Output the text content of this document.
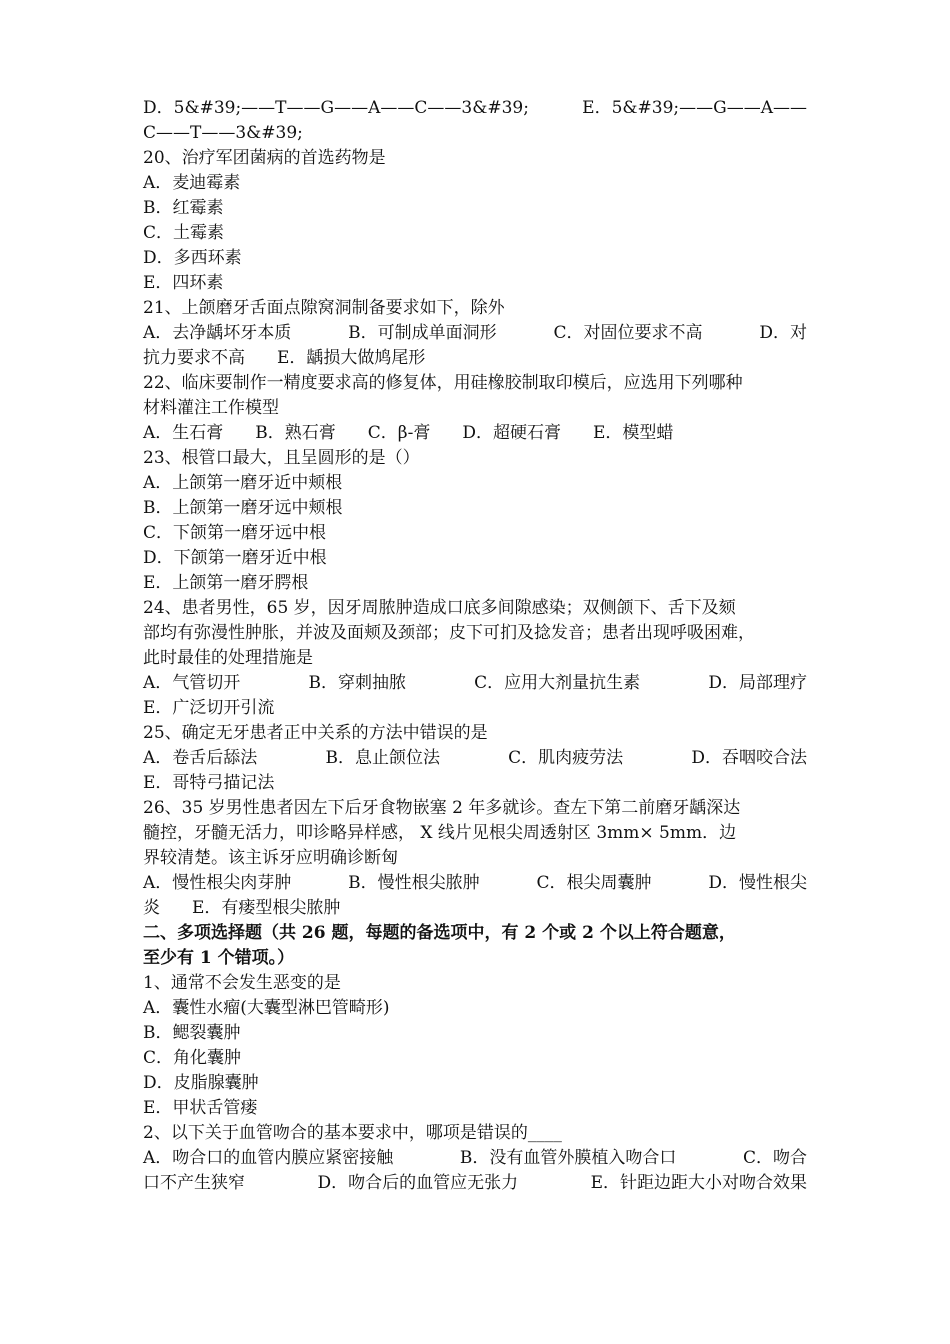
D．5&#39;——T——G——A——C——3&#39;	E．5&#39;——G——A——
C——T——3&#39;
20、治疗军团菌病的首选药物是
A．麦迪霉素
B．红霉素
C．土霉素
D．多西环素
E．四环素
21、上颌磨牙舌面点隙窝洞制备要求如下，除外
A．去净龋坏牙本质	B．可制成单面洞形	C．对固位要求不高	D．对
抗力要求不高 E．龋损大做鸠尾形
22、临床要制作一精度要求高的修复体，用硅橡胶制取印模后，应选用下列哪种
材料灌注工作模型
A．生石膏 B．熟石膏 C．β-膏 D．超硬石膏 E．模型蜡
23、根管口最大，且呈圆形的是（）
A．上颌第一磨牙近中颊根
B．上颌第一磨牙远中颊根
C．下颌第一磨牙远中根
D．下颌第一磨牙近中根
E．上颌第一磨牙腭根
24、患者男性，65 岁，因牙周脓肿造成口底多间隙感染；双侧颌下、舌下及颏
部均有弥漫性肿胀，并波及面颊及颈部；皮下可扪及捻发音；患者出现呼吸困难，
此时最佳的处理措施是
A．气管切开	B．穿刺抽脓	C．应用大剂量抗生素	D．局部理疗
E．广泛切开引流
25、确定无牙患者正中关系的方法中错误的是
A．卷舌后舔法	B．息止颌位法	C．肌肉疲劳法	D．吞咽咬合法
E．哥特弓描记法
26、35 岁男性患者因左下后牙食物嵌塞 2 年多就诊。查左下第二前磨牙龋深达
髓控，牙髓无活力，叩诊略异样感， X 线片见根尖周透射区 3mm× 5mm．边
界较清楚。该主诉牙应明确诊断匈
A．慢性根尖肉芽肿	B．慢性根尖脓肿	C．根尖周囊肿	D．慢性根尖
炎 E．有瘘型根尖脓肿
二、多项选择题（共 26 题，每题的备选项中，有 2 个或 2 个以上符合题意，
至少有 1 个错项。）
1、通常不会发生恶变的是
A．囊性水瘤(大囊型淋巴管畸形)
B．鳃裂囊肿
C．角化囊肿
D．皮脂腺囊肿
E．甲状舌管瘘
2、以下关于血管吻合的基本要求中，哪项是错误的____
A．吻合口的血管内膜应紧密接触	B．没有血管外膜植入吻合口	C．吻合
口不产生狭窄	D．吻合后的血管应无张力	E．针距边距大小对吻合效果
